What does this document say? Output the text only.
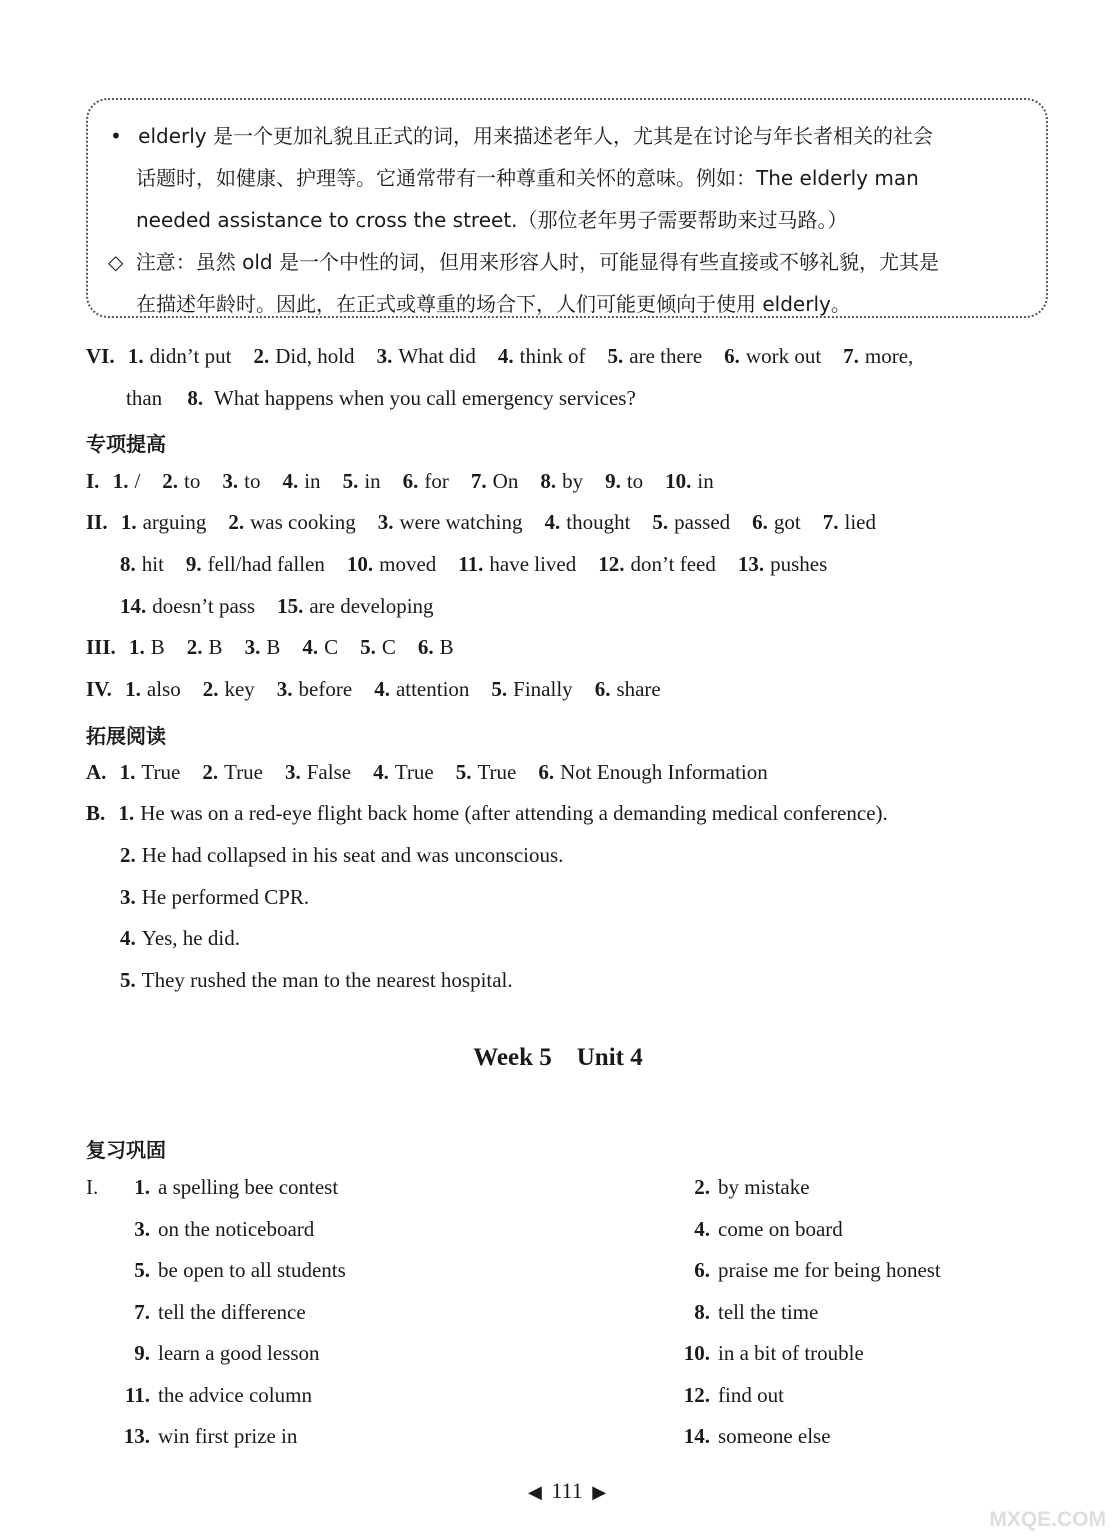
• elderly 是一个更加礼貌且正式的词，用来描述老年人，尤其是在讨论与年长者相关的社会
话题时，如健康、护理等。它通常带有一种尊重和关怀的意味。例如：The elderly man
needed assistance to cross the street.（那位老年男子需要帮助来过马路。）
◇ 注意：虽然 old 是一个中性的词，但用来形容人时，可能显得有些直接或不够礼貌，尤其是
在描述年龄时。因此，在正式或尊重的场合下，人们可能更倾向于使用 elderly。
VI. 1. didn’t put 2. Did, hold 3. What did 4. think of 5. are there 6. work out 7. more,
than 8. What happens when you call emergency services?
专项提高
I. 1. / 2. to 3. to 4. in 5. in 6. for 7. On 8. by 9. to 10. in
II. 1. arguing 2. was cooking 3. were watching 4. thought 5. passed 6. got 7. lied
8. hit 9. fell/had fallen 10. moved 11. have lived 12. don’t feed 13. pushes
14. doesn’t pass 15. are developing
III. 1. B 2. B 3. B 4. C 5. C 6. B
IV. 1. also 2. key 3. before 4. attention 5. Finally 6. share
拓展阅读
A. 1. True 2. True 3. False 4. True 5. True 6. Not Enough Information
B. 1. He was on a red-eye flight back home (after attending a demanding medical conference).
2. He had collapsed in his seat and was unconscious.
3. He performed CPR.
4. Yes, he did.
5. They rushed the man to the nearest hospital.
Week 5    Unit 4
复习巩固
I.	1. a spelling bee contest
3. on the noticeboard
5. be open to all students
7. tell the difference
9. learn a good lesson
11. the advice column
13. win first prize in
2. by mistake
4. come on board
6. praise me for being honest
8. tell the time
10. in a bit of trouble
12. find out
14. someone else
◀ 111 ▶
MXQE.COM
